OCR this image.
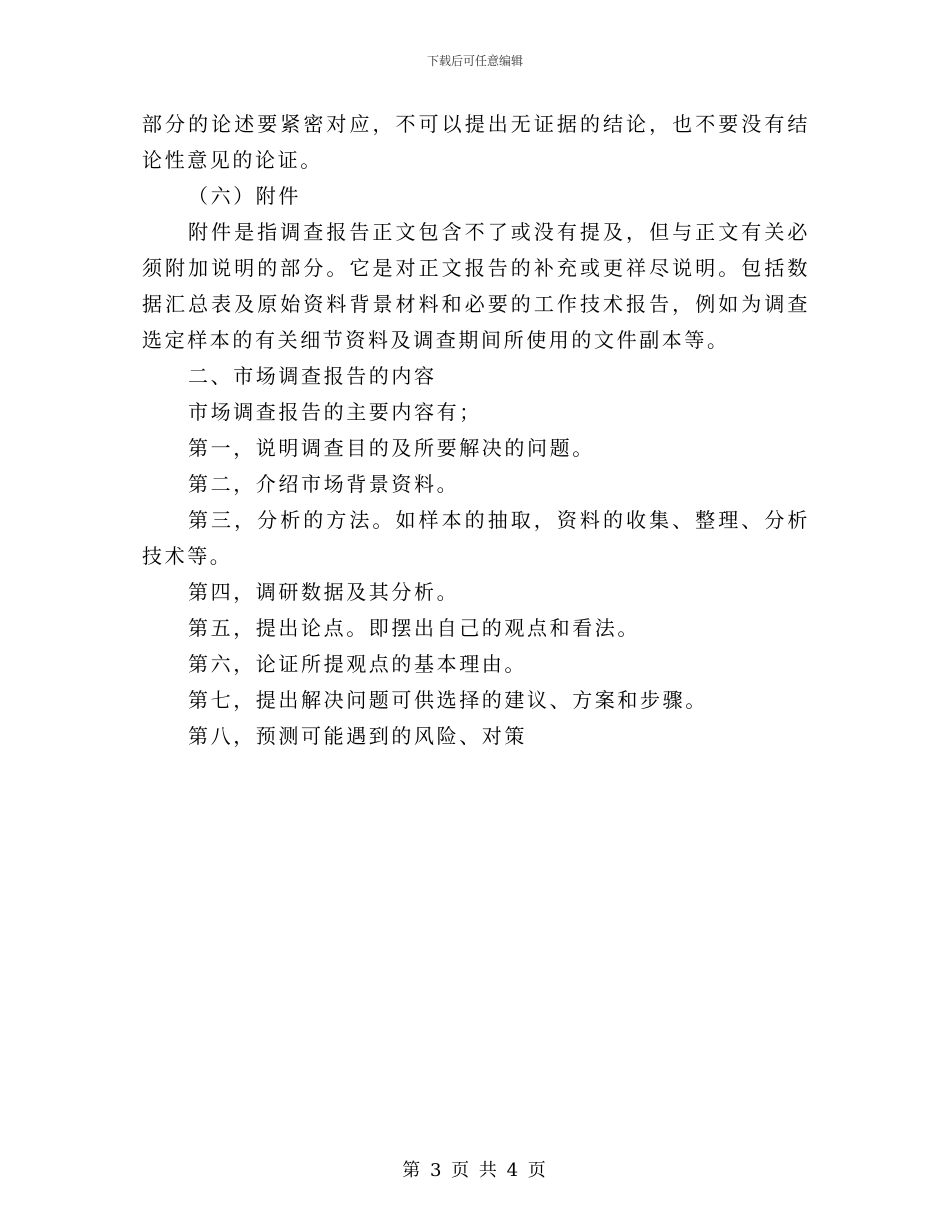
下载后可任意编辑

部分的论述要紧密对应，不可以提出无证据的结论，也不要没有结论性意见的论证。

（六）附件

附件是指调查报告正文包含不了或没有提及，但与正文有关必须附加说明的部分。它是对正文报告的补充或更祥尽说明。包括数据汇总表及原始资料背景材料和必要的工作技术报告，例如为调查选定样本的有关细节资料及调查期间所使用的文件副本等。

二、市场调查报告的内容

市场调查报告的主要内容有；

第一，说明调查目的及所要解决的问题。

第二，介绍市场背景资料。

第三，分析的方法。如样本的抽取，资料的收集、整理、分析技术等。

第四，调研数据及其分析。

第五，提出论点。即摆出自己的观点和看法。

第六，论证所提观点的基本理由。

第七，提出解决问题可供选择的建议、方案和步骤。

第八，预测可能遇到的风险、对策

第 3 页 共 4 页
